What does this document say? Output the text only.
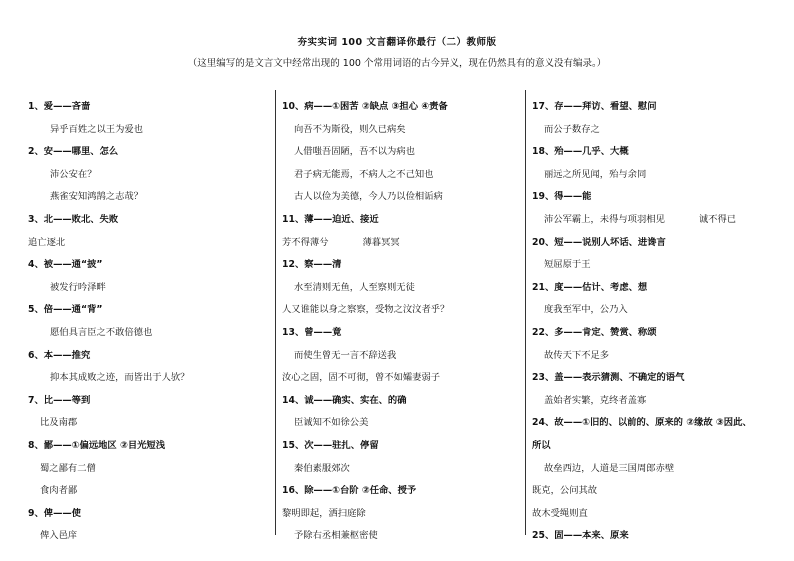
夯实实词 100 文言翻译你最行（二）教师版
（这里编写的是文言文中经常出现的 100 个常用词语的古今异义，现在仍然具有的意义没有编录。）
1、爱——吝啬
异乎百姓之以王为爱也
2、安——哪里、怎么
沛公安在？
燕雀安知鸿鹄之志哉？
3、北——败北、失败
追亡逐北
4、被——通“披”
被发行吟泽畔
5、倍——通“背”
愿伯具言臣之不敢倍德也
6、本——推究
抑本其成败之迹，而皆出于人欤？
7、比——等到
比及南郡
8、鄙——①偏远地区 ②目光短浅
蜀之鄙有二僧
食肉者鄙
9、俾——使
俾入邑庠
10、病——①困苦 ②缺点 ③担心 ④责备
向吾不为斯役，则久已病矣
人借嗤吾固陋，吾不以为病也
君子病无能焉，不病人之不己知也
古人以俭为美德，今人乃以俭相诟病
11、薄——迫近、接近
芳不得薄兮	薄暮冥冥
12、察——清
水至清则无鱼，人至察则无徒
人又谁能以身之察察，受物之汶汶者乎？
13、曾——竟
而使生曾无一言不辞送我
汝心之固，固不可彻，曾不如孀妻弱子
14、诚——确实、实在、的确
臣诚知不如徐公美
15、次——驻扎、停留
秦伯素服郊次
16、除——①台阶 ②任命、授予
黎明即起，洒扫庭除
予除右丞相兼枢密使
17、存——拜访、看望、慰问
而公子数存之
18、殆——几乎、大概
丽远之所见闻，殆与余同
19、得——能
沛公军霸上，未得与项羽相见	诚不得已
20、短——说别人坏话、进谗言
短屈原于王
21、度——估计、考虑、想
度我至军中，公乃入
22、多——肯定、赞赏、称颂
故传天下不足多
23、盖——表示猜测、不确定的语气
盖始者实繁，克终者盖寡
24、故——①旧的、以前的、原来的 ②缘故 ③因此、
所以
故垒西边，人道是三国周郎赤壁
既克，公问其故
故木受绳则直
25、固——本来、原来
